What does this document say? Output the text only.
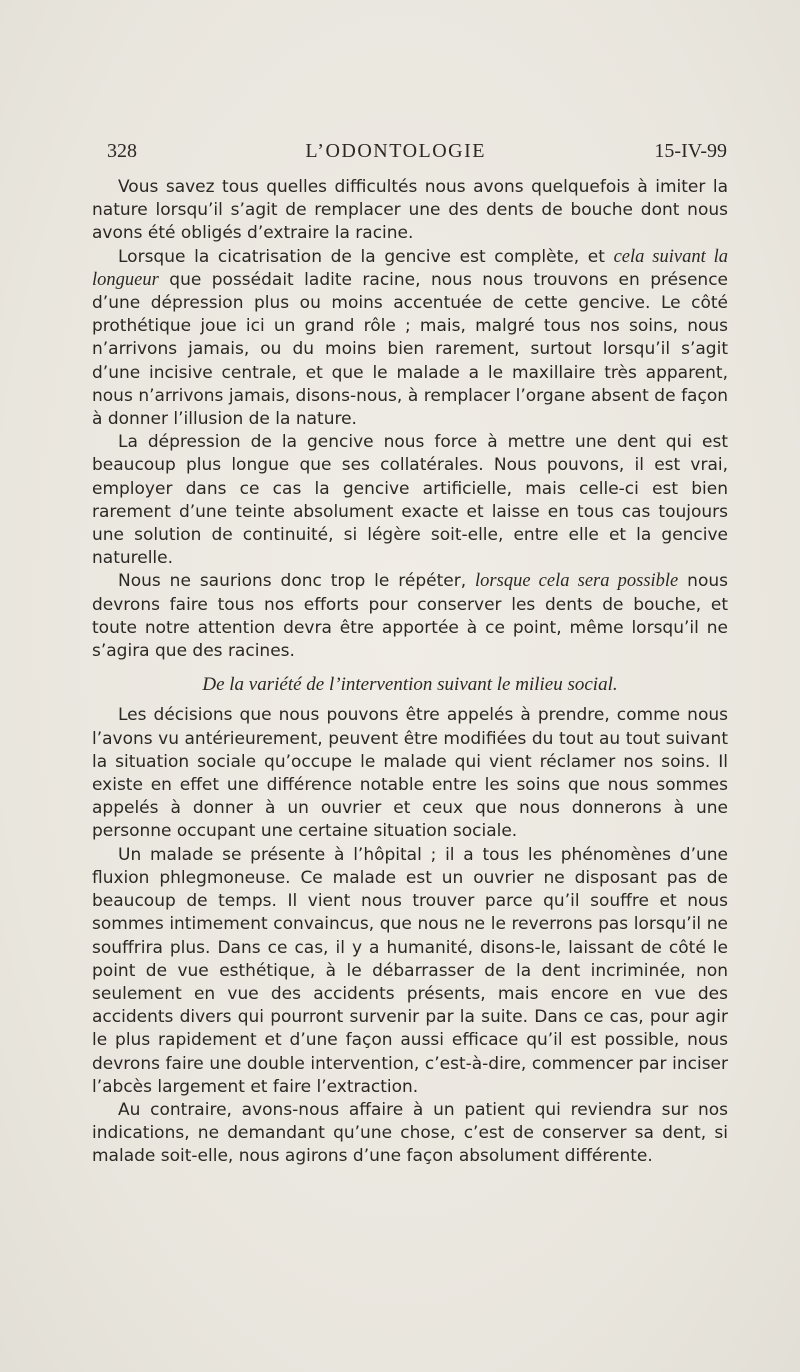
328	L’ODONTOLOGIE	15-IV-99

Vous savez tous quelles difficultés nous avons quelquefois à imiter la nature lorsqu’il s’agit de remplacer une des dents de bouche dont nous avons été obligés d’extraire la racine.

Lorsque la cicatrisation de la gencive est complète, et cela suivant la longueur que possédait ladite racine, nous nous trouvons en présence d’une dépression plus ou moins accentuée de cette gencive. Le côté prothétique joue ici un grand rôle ; mais, malgré tous nos soins, nous n’arrivons jamais, ou du moins bien rarement, surtout lorsqu’il s’agit d’une incisive centrale, et que le malade a le maxillaire très apparent, nous n’arrivons jamais, disons-nous, à remplacer l’organe absent de façon à donner l’illusion de la nature.

La dépression de la gencive nous force à mettre une dent qui est beaucoup plus longue que ses collatérales. Nous pouvons, il est vrai, employer dans ce cas la gencive artificielle, mais celle-ci est bien rarement d’une teinte absolument exacte et laisse en tous cas toujours une solution de continuité, si légère soit-elle, entre elle et la gencive naturelle.

Nous ne saurions donc trop le répéter, lorsque cela sera possible nous devrons faire tous nos efforts pour conserver les dents de bouche, et toute notre attention devra être apportée à ce point, même lorsqu’il ne s’agira que des racines.

De la variété de l’intervention suivant le milieu social.

Les décisions que nous pouvons être appelés à prendre, comme nous l’avons vu antérieurement, peuvent être modifiées du tout au tout suivant la situation sociale qu’occupe le malade qui vient réclamer nos soins. Il existe en effet une différence notable entre les soins que nous sommes appelés à donner à un ouvrier et ceux que nous donnerons à une personne occupant une certaine situation sociale.

Un malade se présente à l’hôpital ; il a tous les phénomènes d’une fluxion phlegmoneuse. Ce malade est un ouvrier ne disposant pas de beaucoup de temps. Il vient nous trouver parce qu’il souffre et nous sommes intimement convaincus, que nous ne le reverrons pas lorsqu’il ne souffrira plus. Dans ce cas, il y a humanité, disons-le, laissant de côté le point de vue esthétique, à le débarrasser de la dent incriminée, non seulement en vue des accidents présents, mais encore en vue des accidents divers qui pourront survenir par la suite. Dans ce cas, pour agir le plus rapidement et d’une façon aussi efficace qu’il est possible, nous devrons faire une double intervention, c’est-à-dire, commencer par inciser l’abcès largement et faire l’extraction.

Au contraire, avons-nous affaire à un patient qui reviendra sur nos indications, ne demandant qu’une chose, c’est de conserver sa dent, si malade soit-elle, nous agirons d’une façon absolument différente.
